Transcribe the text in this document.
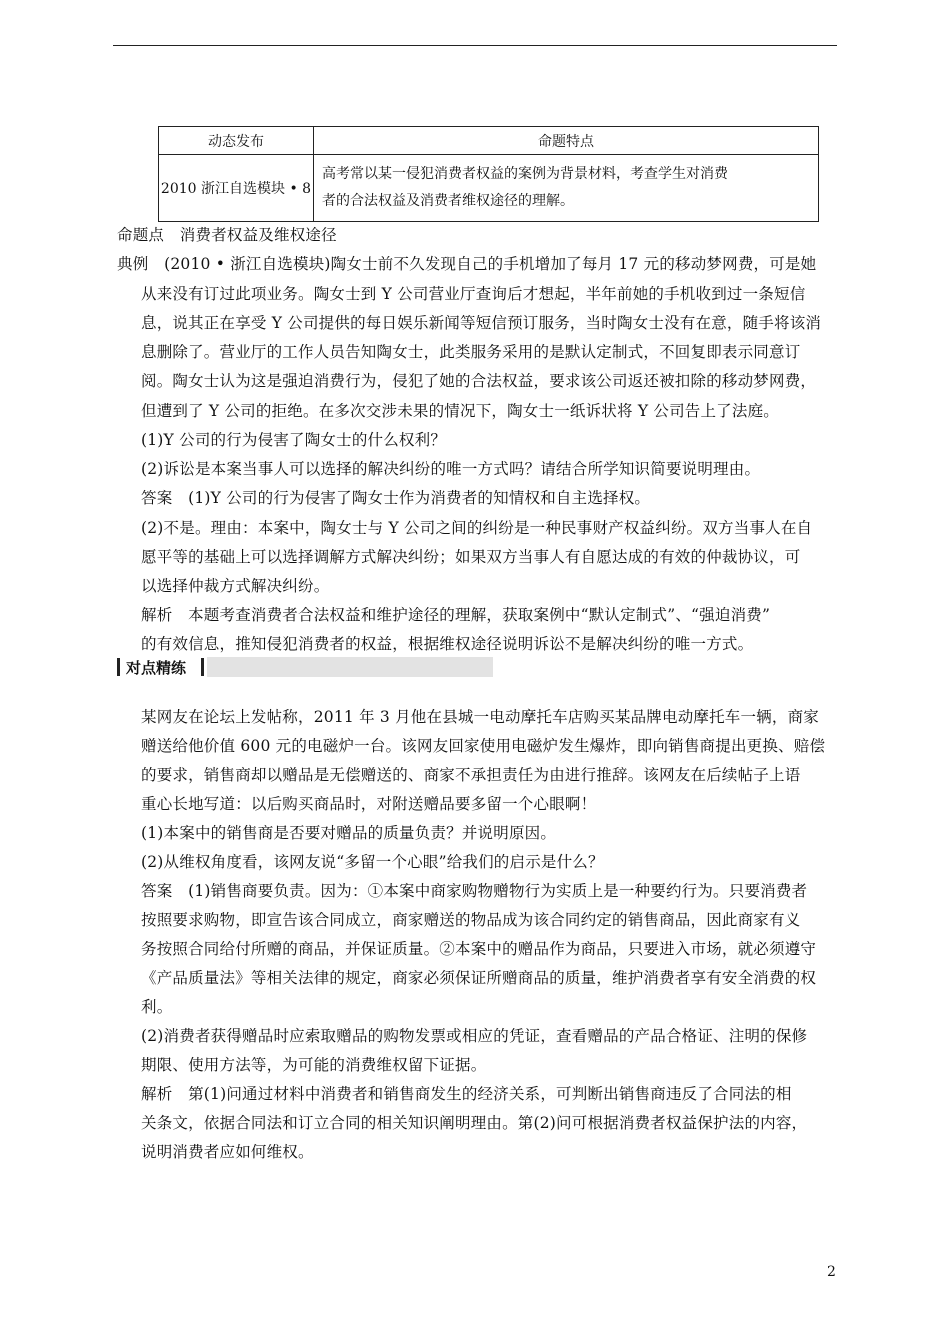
动态发布	命题特点
2010 浙江自选模块 • 8	高考常以某一侵犯消费者权益的案例为背景材料，考查学生对消费
者的合法权益及消费者维权途径的理解。
命题点　消费者权益及维权途径
典例　(2010 • 浙江自选模块)陶女士前不久发现自己的手机增加了每月 17 元的移动梦网费，可是她
从来没有订过此项业务。陶女士到 Y 公司营业厅查询后才想起，半年前她的手机收到过一条短信
息，说其正在享受 Y 公司提供的每日娱乐新闻等短信预订服务，当时陶女士没有在意，随手将该消
息删除了。营业厅的工作人员告知陶女士，此类服务采用的是默认定制式，不回复即表示同意订
阅。陶女士认为这是强迫消费行为，侵犯了她的合法权益，要求该公司返还被扣除的移动梦网费，
但遭到了 Y 公司的拒绝。在多次交涉未果的情况下，陶女士一纸诉状将 Y 公司告上了法庭。
(1)Y 公司的行为侵害了陶女士的什么权利？
(2)诉讼是本案当事人可以选择的解决纠纷的唯一方式吗？请结合所学知识简要说明理由。
答案　(1)Y 公司的行为侵害了陶女士作为消费者的知情权和自主选择权。
(2)不是。理由：本案中，陶女士与 Y 公司之间的纠纷是一种民事财产权益纠纷。双方当事人在自
愿平等的基础上可以选择调解方式解决纠纷；如果双方当事人有自愿达成的有效的仲裁协议，可
以选择仲裁方式解决纠纷。
解析　本题考查消费者合法权益和维护途径的理解，获取案例中“默认定制式”、“强迫消费”
的有效信息，推知侵犯消费者的权益，根据维权途径说明诉讼不是解决纠纷的唯一方式。
对点精练
某网友在论坛上发帖称，2011 年 3 月他在县城一电动摩托车店购买某品牌电动摩托车一辆，商家
赠送给他价值 600 元的电磁炉一台。该网友回家使用电磁炉发生爆炸，即向销售商提出更换、赔偿
的要求，销售商却以赠品是无偿赠送的、商家不承担责任为由进行推辞。该网友在后续帖子上语
重心长地写道：以后购买商品时，对附送赠品要多留一个心眼啊！
(1)本案中的销售商是否要对赠品的质量负责？并说明原因。
(2)从维权角度看，该网友说“多留一个心眼”给我们的启示是什么？
答案　(1)销售商要负责。因为：①本案中商家购物赠物行为实质上是一种要约行为。只要消费者
按照要求购物，即宣告该合同成立，商家赠送的物品成为该合同约定的销售商品，因此商家有义
务按照合同给付所赠的商品，并保证质量。②本案中的赠品作为商品，只要进入市场，就必须遵守
《产品质量法》等相关法律的规定，商家必须保证所赠商品的质量，维护消费者享有安全消费的权
利。
(2)消费者获得赠品时应索取赠品的购物发票或相应的凭证，查看赠品的产品合格证、注明的保修
期限、使用方法等，为可能的消费维权留下证据。
解析　第(1)问通过材料中消费者和销售商发生的经济关系，可判断出销售商违反了合同法的相
关条文，依据合同法和订立合同的相关知识阐明理由。第(2)问可根据消费者权益保护法的内容，
说明消费者应如何维权。
2
